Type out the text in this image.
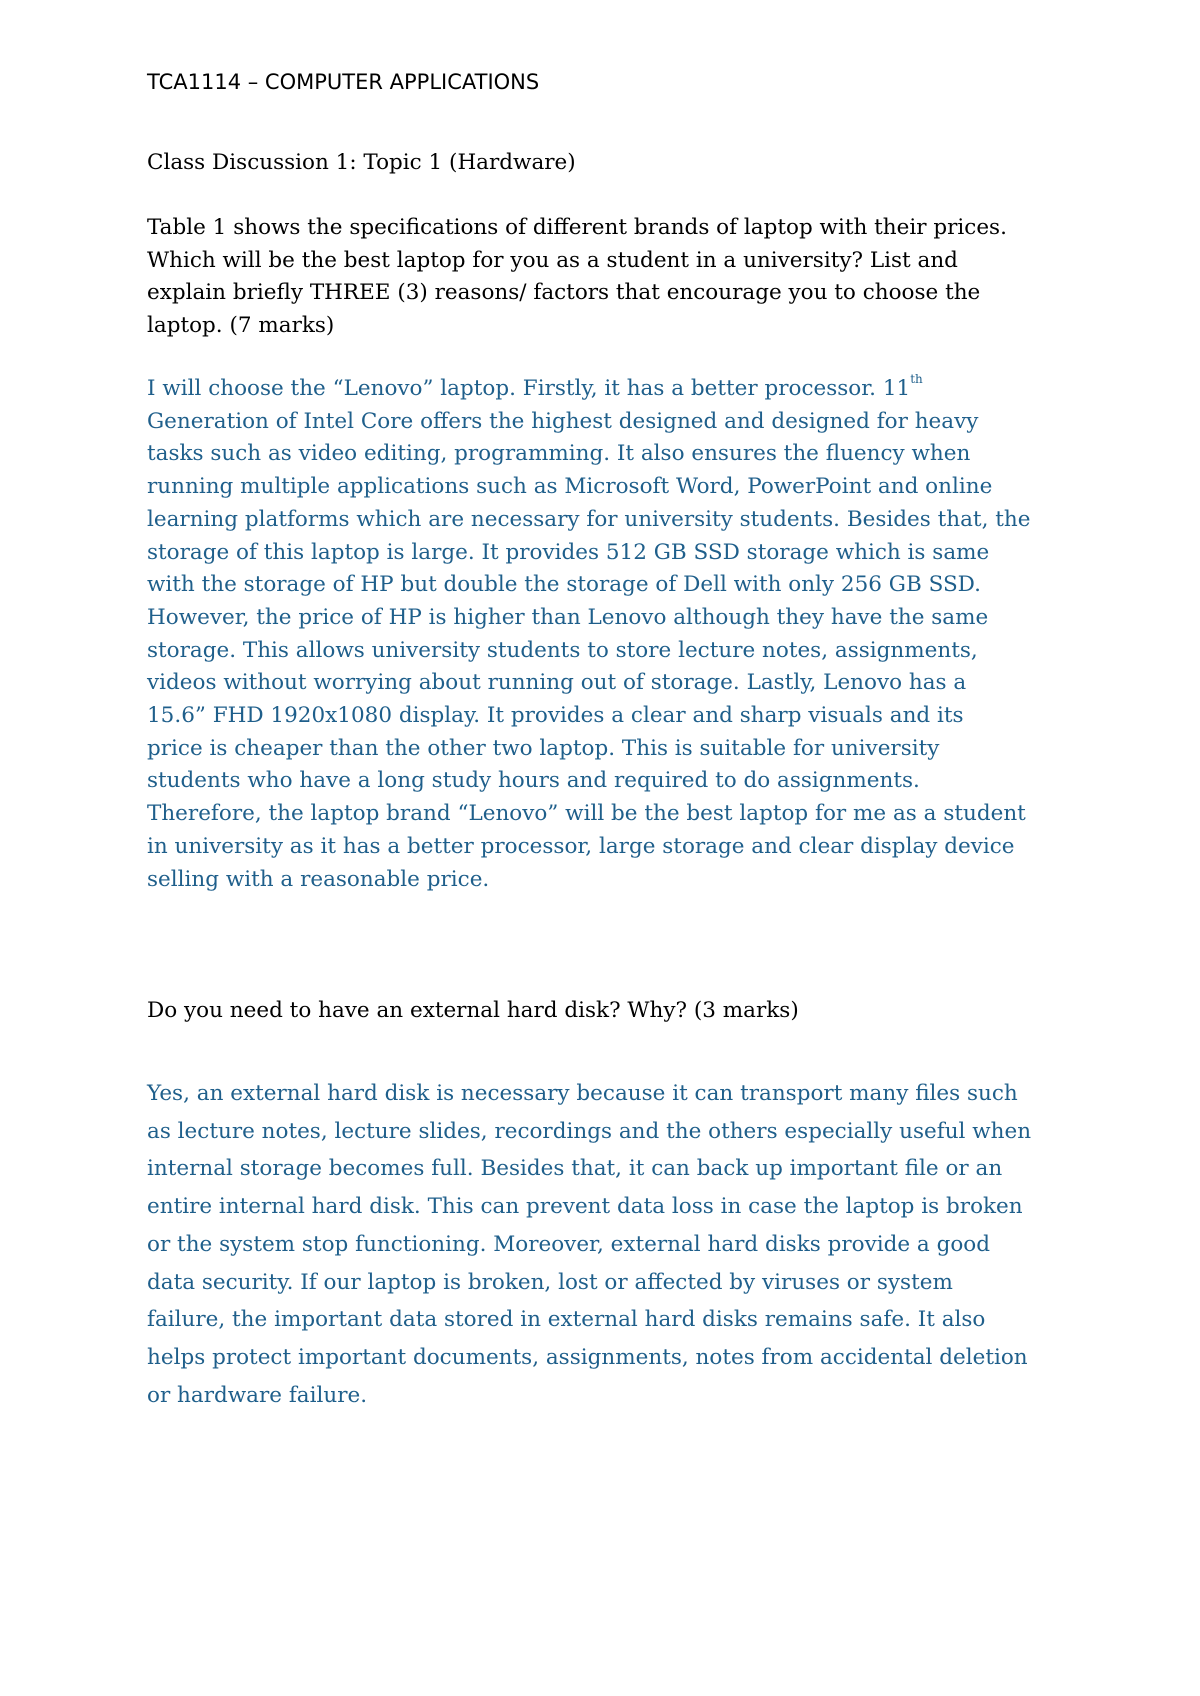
TCA1114 – COMPUTER APPLICATIONS

Class Discussion 1: Topic 1 (Hardware)

Table 1 shows the specifications of different brands of laptop with their prices.
Which will be the best laptop for you as a student in a university? List and
explain briefly THREE (3) reasons/ factors that encourage you to choose the
laptop. (7 marks)
I will choose the “Lenovo” laptop. Firstly, it has a better processor. 11th
Generation of Intel Core offers the highest designed and designed for heavy
tasks such as video editing, programming. It also ensures the fluency when
running multiple applications such as Microsoft Word, PowerPoint and online
learning platforms which are necessary for university students. Besides that, the
storage of this laptop is large. It provides 512 GB SSD storage which is same
with the storage of HP but double the storage of Dell with only 256 GB SSD.
However, the price of HP is higher than Lenovo although they have the same
storage. This allows university students to store lecture notes, assignments,
videos without worrying about running out of storage. Lastly, Lenovo has a
15.6” FHD 1920x1080 display. It provides a clear and sharp visuals and its
price is cheaper than the other two laptop. This is suitable for university
students who have a long study hours and required to do assignments.
Therefore, the laptop brand “Lenovo” will be the best laptop for me as a student
in university as it has a better processor, large storage and clear display device
selling with a reasonable price.

Do you need to have an external hard disk? Why? (3 marks)

Yes, an external hard disk is necessary because it can transport many files such
as lecture notes, lecture slides, recordings and the others especially useful when
internal storage becomes full. Besides that, it can back up important file or an
entire internal hard disk. This can prevent data loss in case the laptop is broken
or the system stop functioning. Moreover, external hard disks provide a good
data security. If our laptop is broken, lost or affected by viruses or system
failure, the important data stored in external hard disks remains safe. It also
helps protect important documents, assignments, notes from accidental deletion
or hardware failure.
